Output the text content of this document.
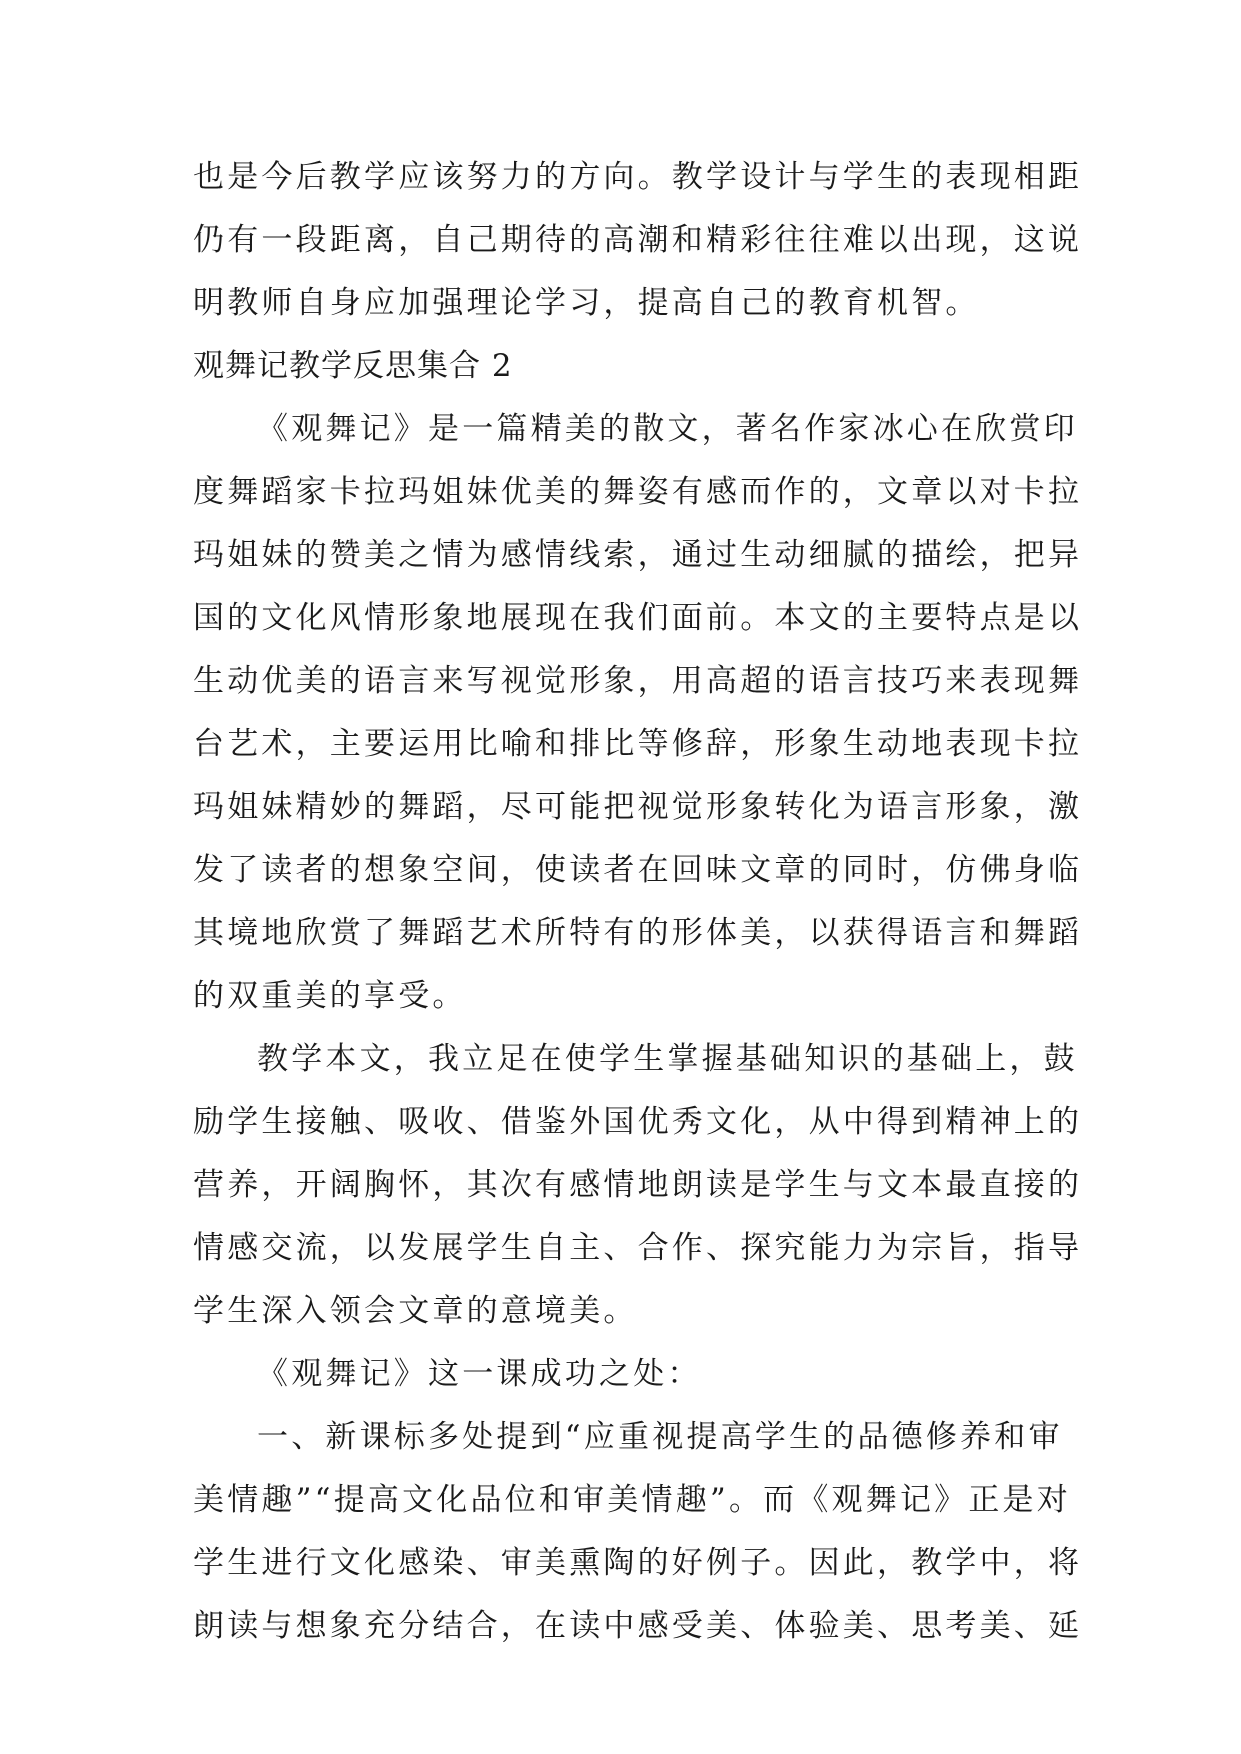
也是今后教学应该努力的方向。教学设计与学生的表现相距
仍有一段距离，自己期待的高潮和精彩往往难以出现，这说
明教师自身应加强理论学习，提高自己的教育机智。
观舞记教学反思集合 2
《观舞记》是一篇精美的散文，著名作家冰心在欣赏印
度舞蹈家卡拉玛姐妹优美的舞姿有感而作的，文章以对卡拉
玛姐妹的赞美之情为感情线索，通过生动细腻的描绘，把异
国的文化风情形象地展现在我们面前。本文的主要特点是以
生动优美的语言来写视觉形象，用高超的语言技巧来表现舞
台艺术，主要运用比喻和排比等修辞，形象生动地表现卡拉
玛姐妹精妙的舞蹈，尽可能把视觉形象转化为语言形象，激
发了读者的想象空间，使读者在回味文章的同时，仿佛身临
其境地欣赏了舞蹈艺术所特有的形体美，以获得语言和舞蹈
的双重美的享受。
教学本文，我立足在使学生掌握基础知识的基础上，鼓
励学生接触、吸收、借鉴外国优秀文化，从中得到精神上的
营养，开阔胸怀，其次有感情地朗读是学生与文本最直接的
情感交流，以发展学生自主、合作、探究能力为宗旨，指导
学生深入领会文章的意境美。
《观舞记》这一课成功之处：
一、新课标多处提到“应重视提高学生的品德修养和审
美情趣”“提高文化品位和审美情趣”。而《观舞记》正是对
学生进行文化感染、审美熏陶的好例子。因此，教学中，将
朗读与想象充分结合，在读中感受美、体验美、思考美、延
